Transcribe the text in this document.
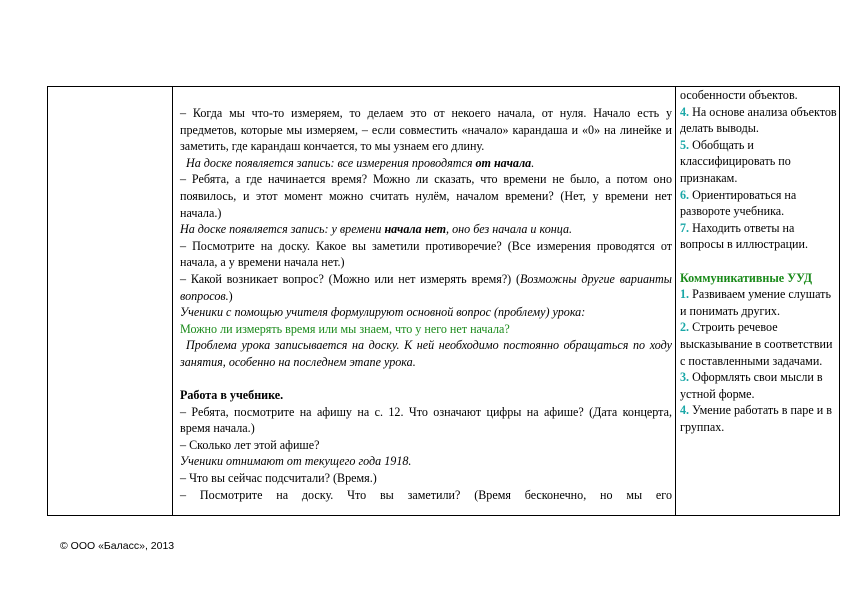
– Когда мы что-то измеряем, то делаем это от некоего начала, от нуля. Начало есть у предметов, которые мы измеряем, – если совместить «начало» карандаша и «0» на линейке и заметить, где карандаш кончается, то мы узнаем его длину.

На доске появляется запись: все измерения проводятся от начала.

– Ребята, а где начинается время? Можно ли сказать, что времени не было, а потом оно появилось, и этот момент можно считать нулём, началом времени? (Нет, у времени нет начала.)

На доске появляется запись: у времени начала нет, оно без начала и конца.

– Посмотрите на доску. Какое вы заметили противоречие? (Все измерения проводятся от начала, а у времени начала нет.)

– Какой возникает вопрос? (Можно или нет измерять время?) (Возможны другие варианты вопросов.)

Ученики с помощью учителя формулируют основной вопрос (проблему) урока:

Можно ли измерять время или мы знаем, что у него нет начала?

Проблема урока записывается на доску. К ней необходимо постоянно обращаться по ходу занятия, особенно на последнем этапе урока.

Работа в учебнике.

– Ребята, посмотрите на афишу на с. 12. Что означают цифры на афише? (Дата концерта, время начала.)

– Сколько лет этой афише?

Ученики отнимают от текущего года 1918.

– Что вы сейчас подсчитали? (Время.)

– Посмотрите на доску. Что вы заметили? (Время бесконечно, но мы его

особенности объектов.

4. На основе анализа объектов делать выводы.

5. Обобщать и классифицировать по признакам.

6. Ориентироваться на развороте учебника.

7. Находить ответы на вопросы в иллюстрации.

Коммуникативные УУД

1. Развиваем умение слушать и понимать других.

2. Строить речевое высказывание в соответствии с поставленными задачами.

3. Оформлять свои мысли в устной форме.

4. Умение работать в паре и в группах.

© ООО «Баласс», 2013
